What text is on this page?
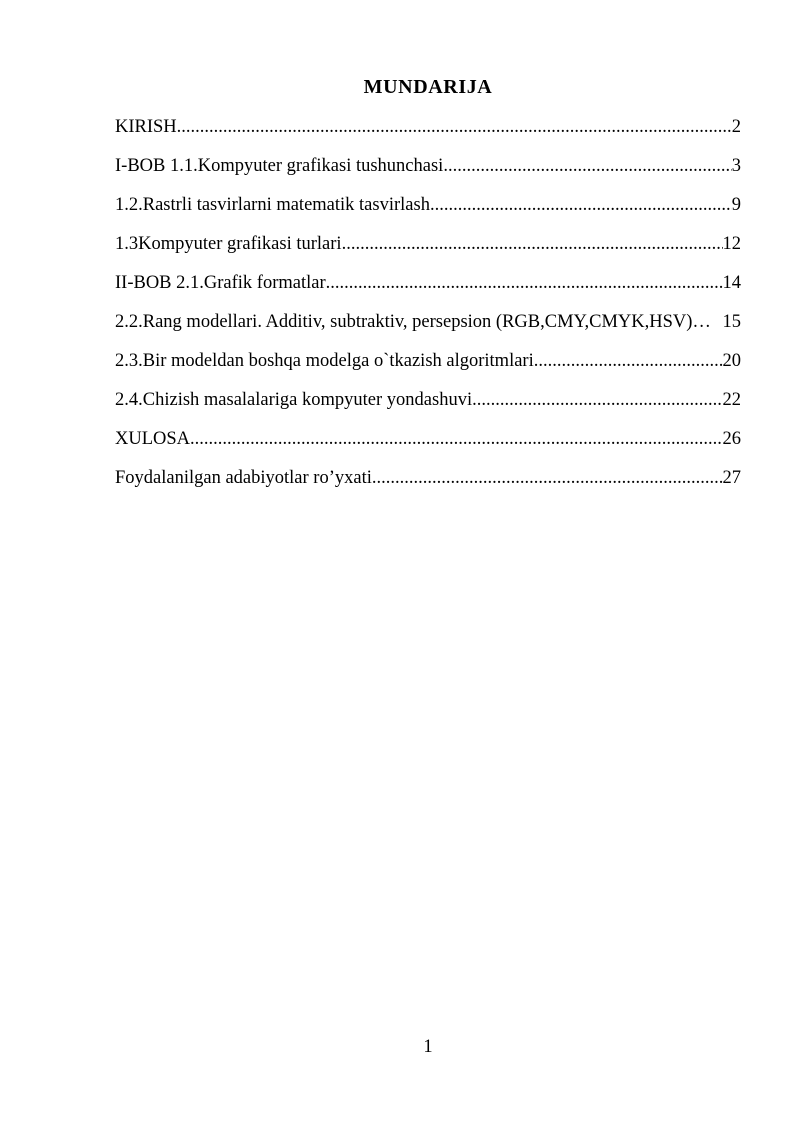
MUNDARIJA
KIRISH .....	2
I-BOB 1.1.Kompyuter grafikasi tushunchasi .....	3
1.2.Rastrli tasvirlarni matematik tasvirlash .....	9
1.3Kompyuter grafikasi turlari .....	12
II-BOB 2.1.Grafik formatlar .....	14
2.2.Rang modellari. Additiv, subtraktiv, persepsion (RGB,CMY,CMYK,HSV)… 15
2.3.Bir modeldan boshqa modelga o`tkazish algoritmlari .....	20
2.4.Chizish masalalariga kompyuter yondashuvi .....	22
XULOSA .....	26
Foydalanilgan adabiyotlar ro’yxati .....	27
1
